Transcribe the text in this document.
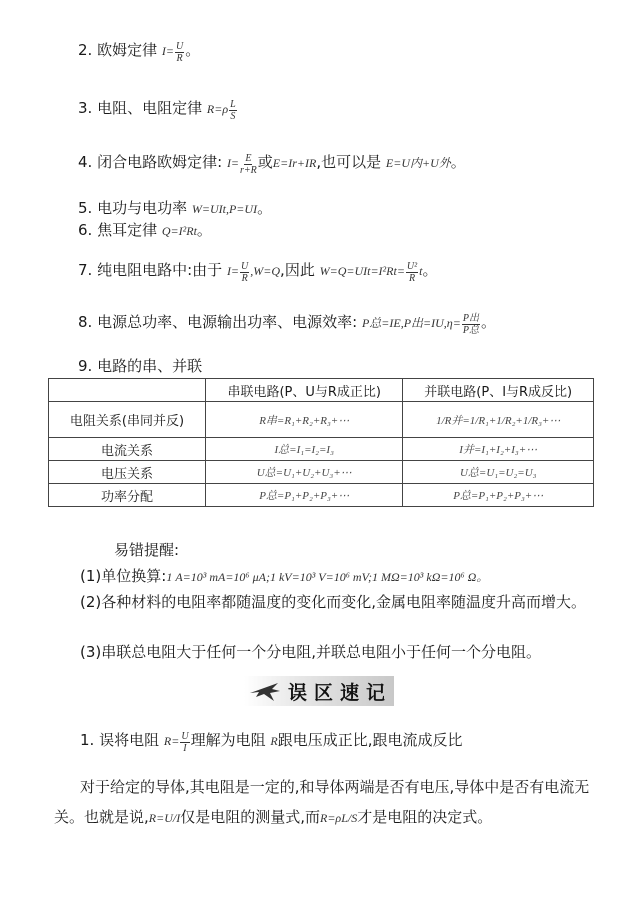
2. 欧姆定律 $I= \frac{U}{R}$ 。
3. 电阻、电阻定律 $R=\rho \frac{L}{S}$
4. 闭合电路欧姆定律: $I= \frac{E}{r+R}$ 或E=Ir+IR,也可以是 E=U内+U外。
5. 电功与电功率 W=UIt,P=UI。
6. 焦耳定律 Q=I²Rt。
7. 纯电阻电路中:由于 $I= \frac{U}{R} ,W=Q$,因此 $W=Q=UIt=I^2Rt= \frac{\text{U²}}{R}$ t。
8. 电源总功率、电源输出功率、电源效率: P总=IE,P出=IU,η= P出
P总 。
9. 电路的串、并联
	串联电路(P、U与R成正比)	并联电路(P、I与R成反比)
电阻关系(串同并反)	R串=R₁+R₂+R₃+⋯	1/R并=1/R₁+1/R₂+1/R₃+⋯
电流关系	I总=I₁=I₂=I₃	I并=I₁+I₂+I₃+⋯
电压关系	U总=U₁+U₂+U₃+⋯	U总=U₁=U₂=U₃
功率分配	P总=P₁+P₂+P₃+⋯	P总=P₁+P₂+P₃+⋯
易错提醒:
(1)单位换算:1 A=10³ mA=10⁶ μA;1 kV=10³ V=10⁶ mV;1 MΩ=10³ kΩ=10⁶ Ω。
(2)各种材料的电阻率都随温度的变化而变化,金属电阻率随温度升高而增大。
(3)串联总电阻大于任何一个分电阻,并联总电阻小于任何一个分电阻。
误区速记
1. 误将电阻 $R= \frac{U}{I}$ 理解为电阻 R跟电压成正比,跟电流成反比
对于给定的导体,其电阻是一定的,和导体两端是否有电压,导体中是否有电流无关。也就是说,R=U/I仅是电阻的测量式,而R=ρL/S才是电阻的决定式。
